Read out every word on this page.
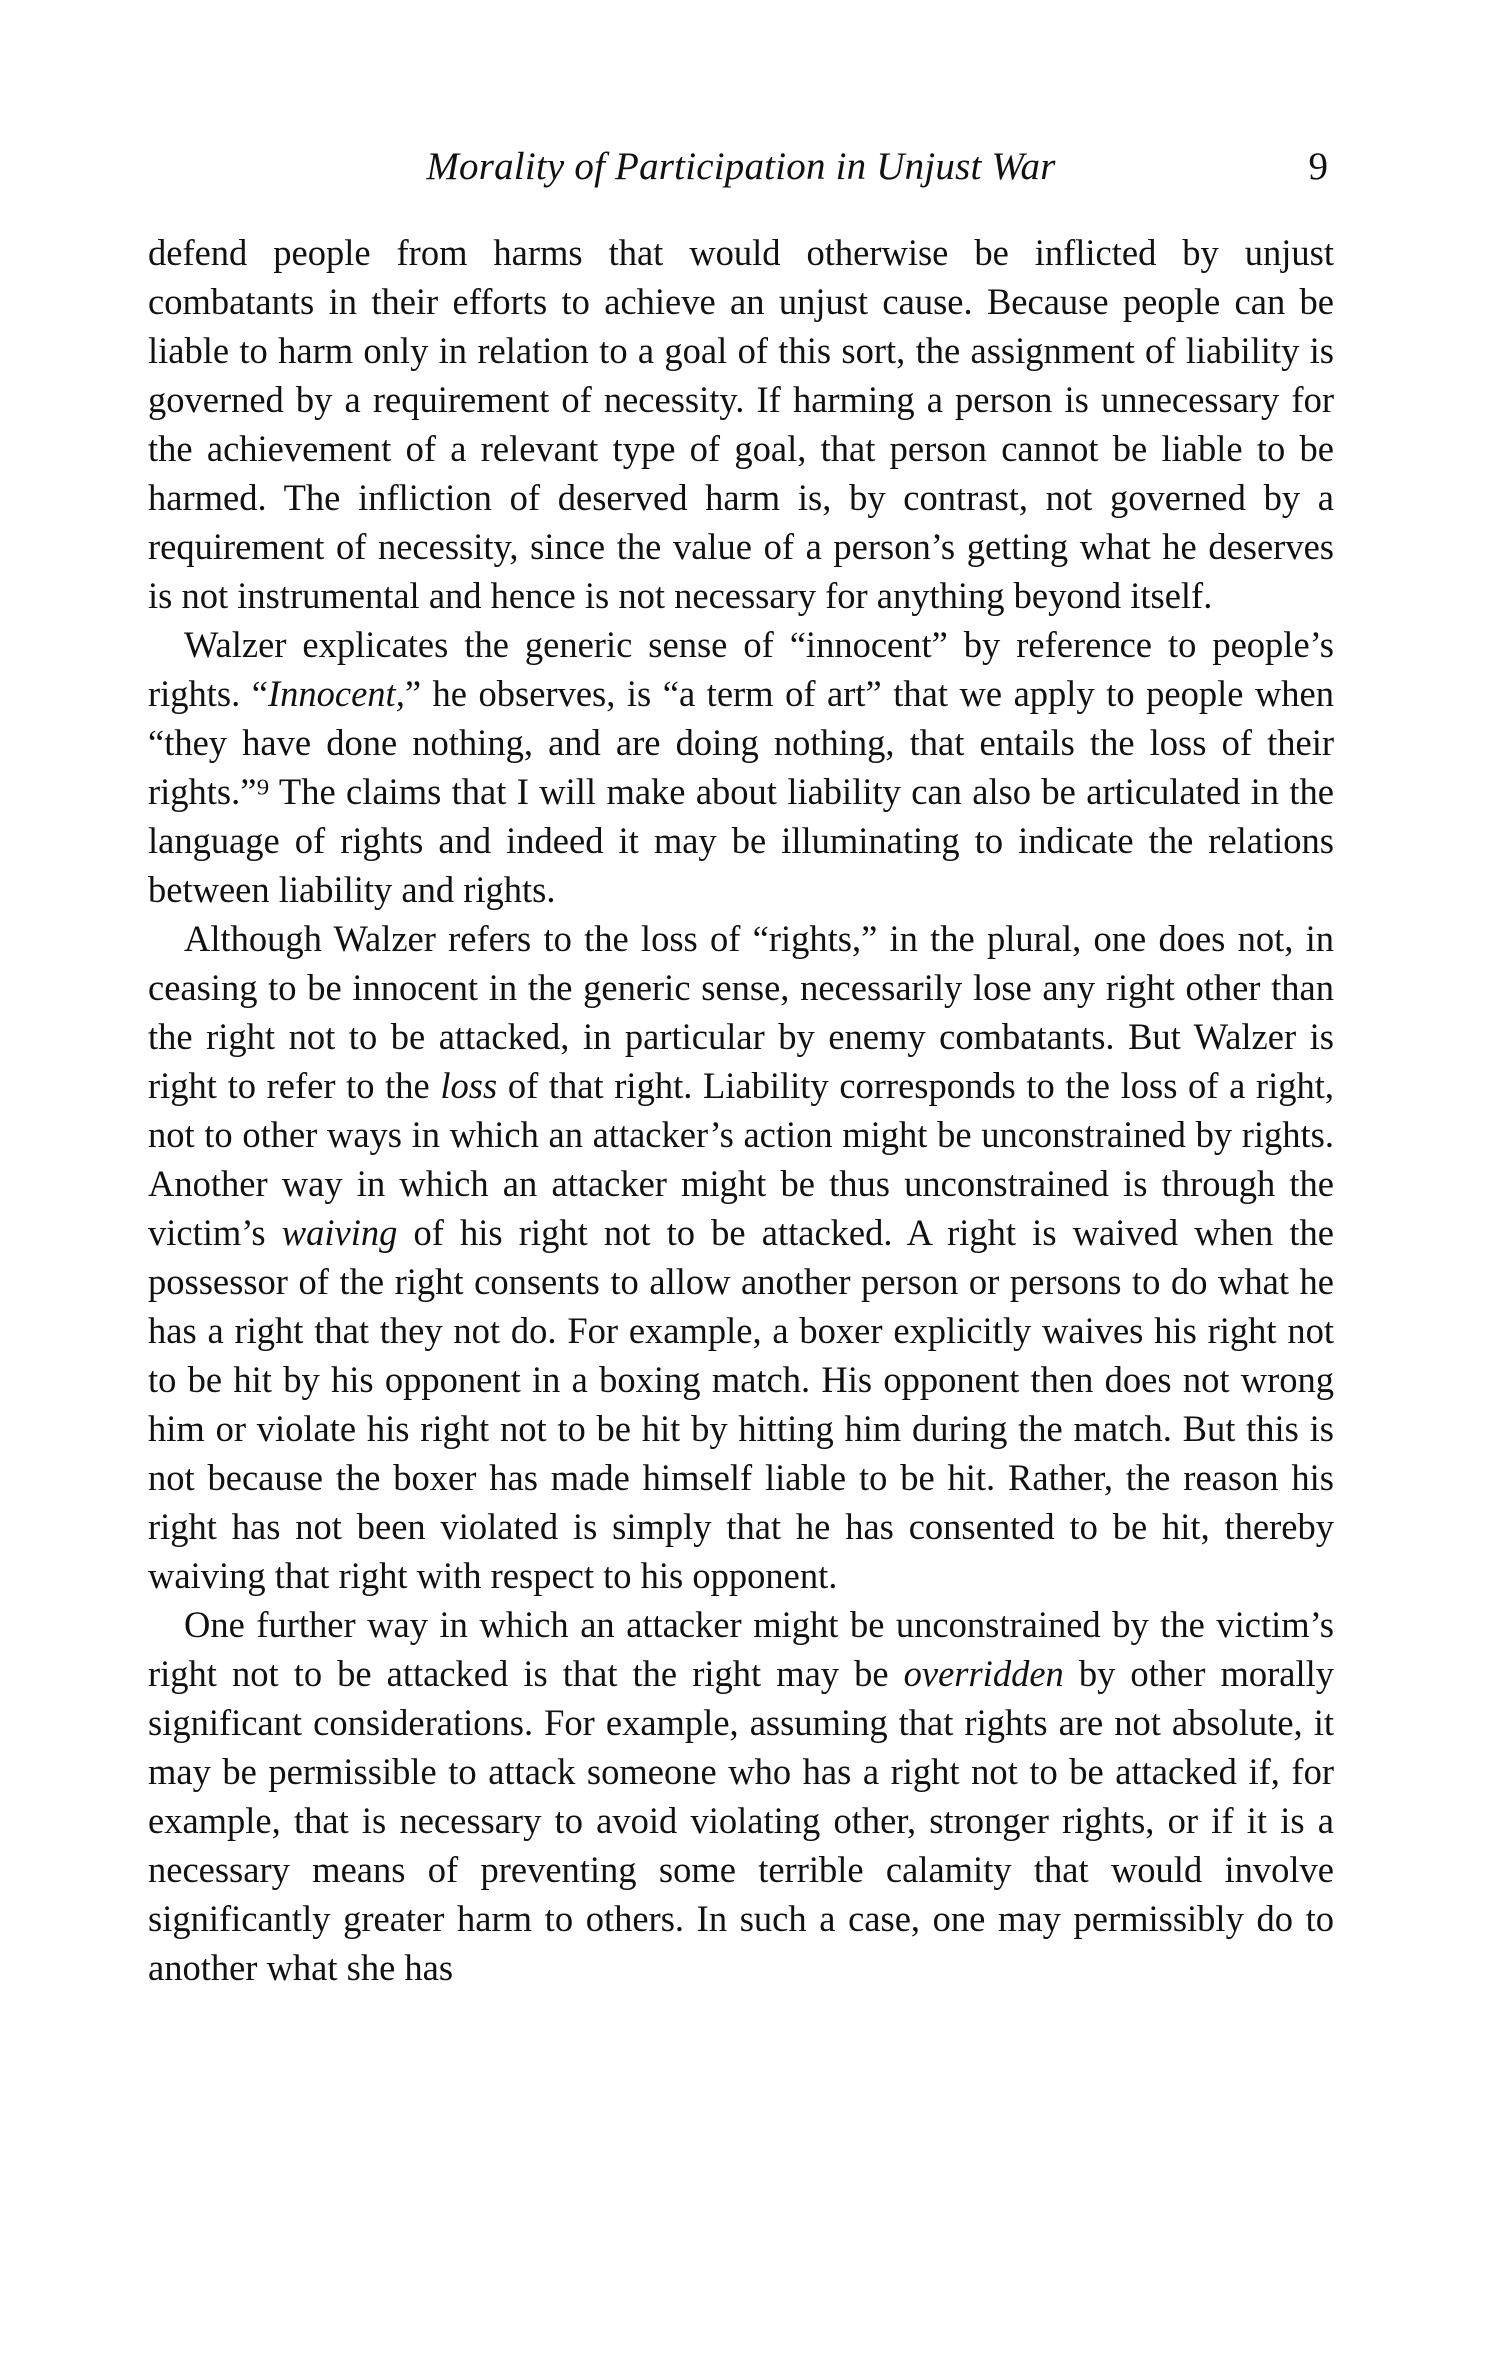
Morality of Participation in Unjust War	9

defend people from harms that would otherwise be inflicted by unjust combatants in their efforts to achieve an unjust cause. Because people can be liable to harm only in relation to a goal of this sort, the assignment of liability is governed by a requirement of necessity. If harming a person is unnecessary for the achievement of a relevant type of goal, that person cannot be liable to be harmed. The infliction of deserved harm is, by contrast, not governed by a requirement of necessity, since the value of a person’s getting what he deserves is not instrumental and hence is not necessary for anything beyond itself.

Walzer explicates the generic sense of “innocent” by reference to people’s rights. “Innocent,” he observes, is “a term of art” that we apply to people when “they have done nothing, and are doing nothing, that entails the loss of their rights.”⁹ The claims that I will make about liability can also be articulated in the language of rights and indeed it may be illuminating to indicate the relations between liability and rights.

Although Walzer refers to the loss of “rights,” in the plural, one does not, in ceasing to be innocent in the generic sense, necessarily lose any right other than the right not to be attacked, in particular by enemy combatants. But Walzer is right to refer to the loss of that right. Liability corresponds to the loss of a right, not to other ways in which an attacker’s action might be unconstrained by rights. Another way in which an attacker might be thus unconstrained is through the victim’s waiving of his right not to be attacked. A right is waived when the possessor of the right consents to allow another person or persons to do what he has a right that they not do. For example, a boxer explicitly waives his right not to be hit by his opponent in a boxing match. His opponent then does not wrong him or violate his right not to be hit by hitting him during the match. But this is not because the boxer has made himself liable to be hit. Rather, the reason his right has not been violated is simply that he has consented to be hit, thereby waiving that right with respect to his opponent.

One further way in which an attacker might be unconstrained by the victim’s right not to be attacked is that the right may be overridden by other morally significant considerations. For example, assuming that rights are not absolute, it may be permissible to attack someone who has a right not to be attacked if, for example, that is necessary to avoid violating other, stronger rights, or if it is a necessary means of preventing some terrible calamity that would involve significantly greater harm to others. In such a case, one may permissibly do to another what she has
